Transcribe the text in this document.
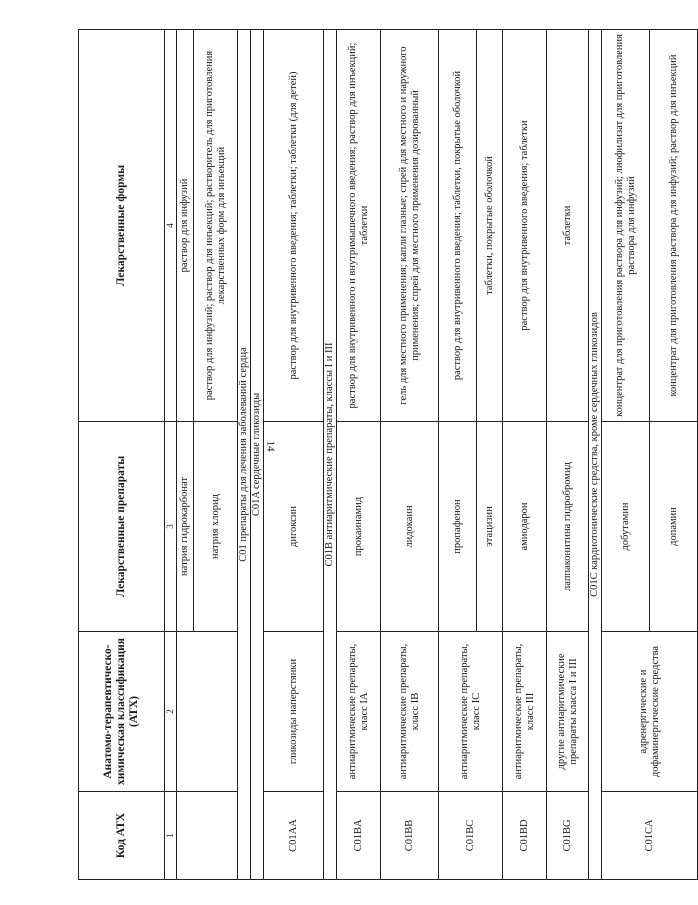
14
Код АТХ	Анатомо-терапевтическо-химическая классификация (АТХ)	Лекарственные препараты	Лекарственные формы
1	2	3	4
		натрия гидрокарбонат	раствор для инфузий
		натрия хлорид	раствор для инфузий; раствор для инъекций; растворитель для приготовления лекарственных форм для инъекций
C01 препараты для лечения заболеваний сердца			
C01A сердечные гликозиды			
C01AA	гликозиды наперстянки	дигоксин	раствор для внутривенного введения; таблетки; таблетки (для детей)
C01B антиаритмические препараты, классы I и III			
C01BA	антиаритмические препараты, класс IA	прокаинамид	раствор для внутривенного и внутримышечного введения; раствор для инъекций; таблетки
C01BB	антиаритмические препараты, класс IB	лидокаин	гель для местного применения; капли глазные; спрей для местного и наружного применения; спрей для местного применения дозированный
C01BC	антиаритмические препараты, класс IC	пропафенон	раствор для внутривенного введения; таблетки, покрытые оболочкой
		этацизин	таблетки, покрытые оболочкой
C01BD	антиаритмические препараты, класс III	амиодарон	раствор для внутривенного введения; таблетки
C01BG	другие антиаритмические препараты класса I и III	лаппаконитина гидробромид	таблетки
C01C кардиотонические средства, кроме сердечных гликозидов			
C01CA	адренергические и дофаминергические средства	добутамин	концентрат для приготовления раствора для инфузий; лиофилизат для приготовления раствора для инфузий
		допамин	концентрат для приготовления раствора для инфузий; раствор для инъекций
